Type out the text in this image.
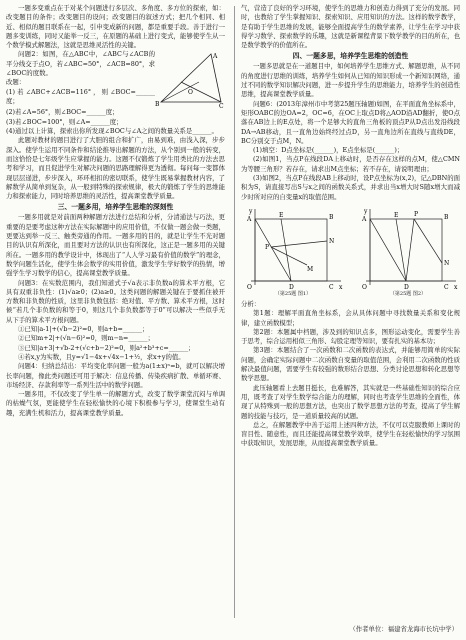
一题多变重点在于对某个问题进行多层次、多角度、多方位的探索，如：改变题目的条件；改变题目的设问；改变题目的叙述方式；把几个相同、相近、相似的题目联系在一起，引申变成新的问题，都是重要手段。善于进行一题多变训练，同时又能举一反三，在原题的基础上进行变式，能够使学生从一个数学模式解题法，这就是思维灵活性的关键。

问题2：如图，在△ABC中，∠ABC与∠ACB的平分线交于点O，若∠ABC=50°，∠ACB=80°，求∠BOC的度数。

改题：

(1)若∠ABC+∠ACB=116°，则∠BOC=______度；

A
B	C
O

(2)若∠A=56°，则∠BOC=______度；

(3)若∠BOC=100°，则∠A=______度；

(4)通过以上计算，探索出你所发现∠BOC与∠A之间的数量关系是______。

此题对教材的题目进行了大胆的组合和扩广，由易到难，由浅入深，步步深入。使学生运用不同条件和结论推导出解题的方法，从个别到一般的转变，而这恰恰是七年级学生应掌握的能力。这题不仅锻炼了学生用类比的方法去思考和学习，而且促进学生对解决问题的思路理解得更为透彻。每问每一变都体现层层递进，步步深入，环环相扣的密切联系，使学生既易掌握教材内容，了解数学从简单到复杂，从一般到特殊的探索规律，极大的锻炼了学生的思维能力和探索能力，同时培养思维的灵活性，提高课堂教学质量。

三、一题多用，培养学生思维的深刻性

一题多用就是对前面两种解题方法进行总结和分析，分清通法与巧法，更重要的是要考虑这种方法在实际解题中的应用价值，不仅做一题会做一类题，更要达到举一反三、触类旁通的作用。一题多用的目的，就是让学生不光对题目的认识有所深化，而且要对方法的认识也有所深化，这正是一题多用的关键所在。一题多用的教学设计中，体现出了“人人学习最有价值的数学”的理念，数学问题生活化，使学生体会数学的实用价值，激发学生学好数学的热情，增强学生学习数学的信心，提高课堂教学质量。

问题3：在实数范围内，我们知道式子√a表示非负数a的算术平方根，它具有双重非负性：(1)√a≥0；(2)a≥0。这类问题的解题关键在于要抓住被开方数和非负数的性质，这里非负数包括：绝对值、平方数、算术平方根，这时候“若几个非负数的和等于0，则这几个非负数都等于0”可以解决一些似乎无从下手的算术平方根问题。

①已知|a-1|+(√b−2)²=0，则a+b=______；

②已知m+2|+(√n−6)²=0，则m−n=______；

③已知|a+3|+√b-2+(√c+b−2)²=0，则a²+b³+c=______；

④若x,y为实数，且y=√1−4x+√4x−1+½，求x+y的值。

问题4：归纳总结出：平均变化率问题一般为a(1±x)ⁿ=b，就可以解决增长率问题，像此类问题还可用于解决：信息传播、传染疾病扩散、单循环赛、市场经济、存款利率等一系列生活中的数学问题。

一题多用，不仅改变了学生单一的解题方式，改变了数学课堂沉闷与单调的枯燥气氛，更能使学生在轻松愉快的心境下积极参与学习，使课堂生动有趣，充满生机和活力，提高课堂教学质量。

气，营造了良好的学习环境，使学生的思维力和创造力得到了充分的发展。同时，也教给了学生掌握知识、探索知识、应用知识的方法。这样的数学教学，是有助于学生思维的发展，能够全面提高学生的数学素养，让学生在学习中获得学习数学、探索数学的乐趣，这就是新课程背景下数学教学的目的所在，也是数学教学的价值所在。

四、一题多思，培养学生思维的创造性

一题多思就是在一道题目中，如何培养学生思维方式、解题思维，从不同的角度进行思维的训练，培养学生如何从已知的知识形成一个新知识网络，通过不同的数学知识解决问题，进一步提升学生的思维能力，培养学生的创造性思维，提高课堂教学质量。

问题6：(2013年漳州市中考第25题压轴题)如图，在平面直角坐标系中，矩形OABC的边OA=2，OC=6，在OC上取点D将△AOD沿AD翻折，使O点落在AB边上的E点处，将一个足够大的直角三角板的顶点P从D点出发沿线段DA→AB移动，且一直角边始终经过点D，另一直角边所在直线与直线DE，BC分别交于点M，N。

(1)填空：D点坐标是(______)，E点坐标是(______)；

(2)如图1，当点P在线段DA上移动时，是否存在这样的点M，使△CMN为等腰三角形？若存在，请求出M点坐标；若不存在，请说明理由；

(3)如图2，当点P在线段AB上移动时，设P点坐标为(x,2)，记△DBN的面积为S，请直接写出S与x之间的函数关系式，并求出当x增大时S随x增大而减少时所对应的自变量x的取值范围。

y
x
O
A	B
C
D
E
P
N
M
（第25题 图1）
y
x
O
A	B
C
D
E	P
N
（第25题 图2）

分析：

第1题：理解平面直角坐标系，会从具体问题中寻找数量关系和变化规律，建立函数模型；

第2题：本题属中档题，涉及到的知识点多，图形运动变化，需要学生善于思考，综合运用相似三角形、勾股定理等知识，要有扎实的基本功；

第3题：本题结合了一次函数和二次函数的表达式，并能够用简单的实际问题，会确定实际问题中二次函数自变量的取值范围，会利用二次函数的性质解决最值问题，需要学生有较强的数形结合思想、分类讨论思想和转化思想等数学思想。

此压轴题看上去题目挺长，也难解答，其实就是一些基础性知识的综合应用，既考查了对学生数学综合能力的理解，同时也考查学生思维的全面性，体现了从特殊到一般的思想方法，也突出了数学思想方法的考查，提高了学生解题的技能与技巧，是一道质量较高的试题。

总之，在解题教学中善于运用上述四种方法，不仅可以克服教师上课时的盲目性、随意性，而且还能提高课堂教学效率，使学生在轻松愉快的学习氛围中获取知识，发展思维，从而提高课堂教学质量。

（作者单位：福建省龙海市长坑中学）
